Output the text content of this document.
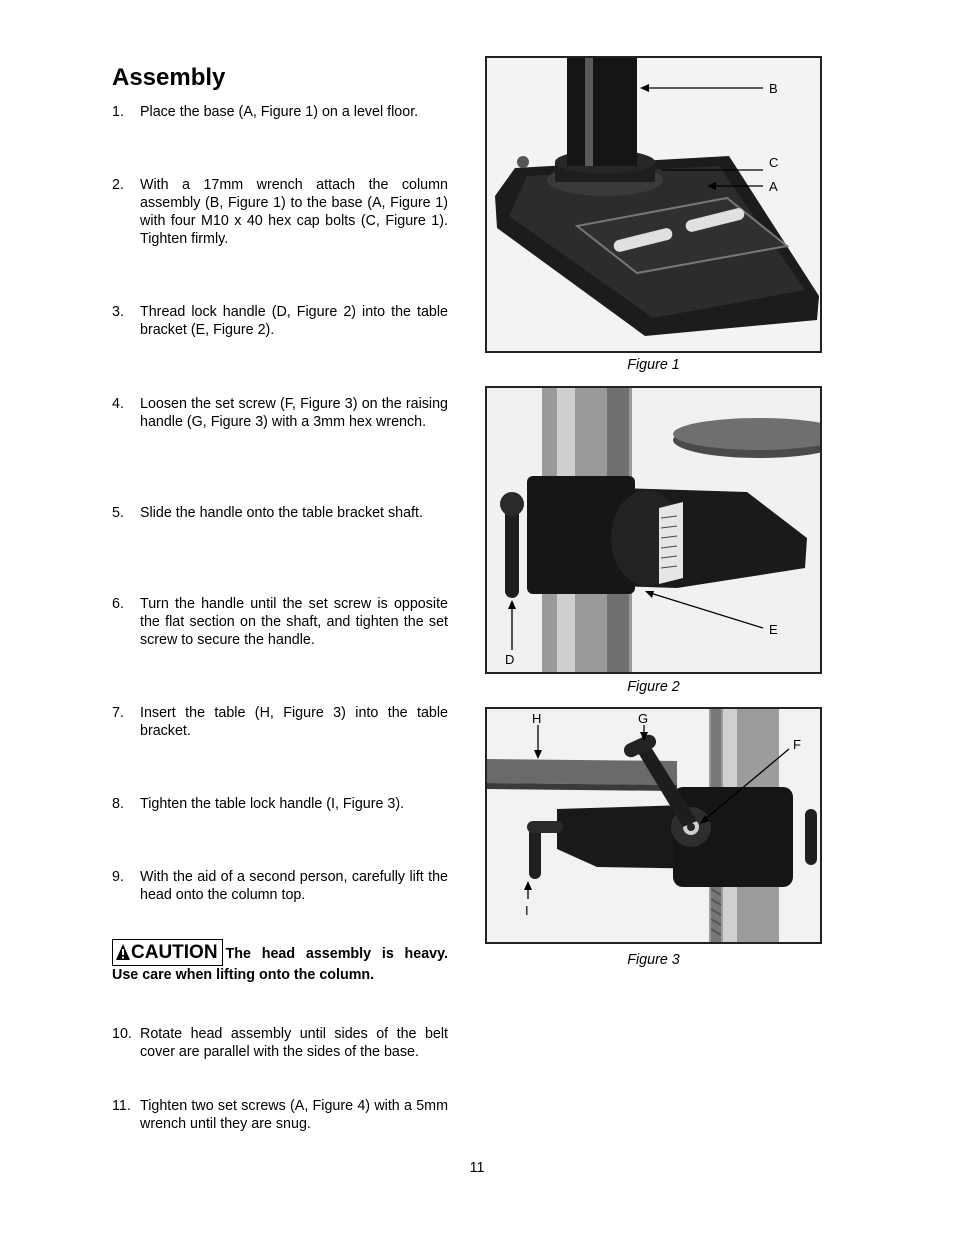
Assembly
1. Place the base (A, Figure 1) on a level floor.
2. With a 17mm wrench attach the column assembly (B, Figure 1) to the base (A, Figure 1) with four M10 x 40 hex cap bolts (C, Figure 1). Tighten firmly.
3. Thread lock handle (D, Figure 2) into the table bracket (E, Figure 2).
4. Loosen the set screw (F, Figure 3) on the raising handle (G, Figure 3) with a 3mm hex wrench.
5. Slide the handle onto the table bracket shaft.
6. Turn the handle until the set screw is opposite the flat section on the shaft, and tighten the set screw to secure the handle.
7. Insert the table (H, Figure 3) into the table bracket.
8. Tighten the table lock handle (I, Figure 3).
9. With the aid of a second person, carefully lift the head onto the column top.
CAUTION The head assembly is heavy. Use care when lifting onto the column.
10. Rotate head assembly until sides of the belt cover are parallel with the sides of the base.
11. Tighten two set screws (A, Figure 4) with a 5mm wrench until they are snug.
B
C
A
Figure 1
D
E
Figure 2
H	G
F
I
Figure 3
11
